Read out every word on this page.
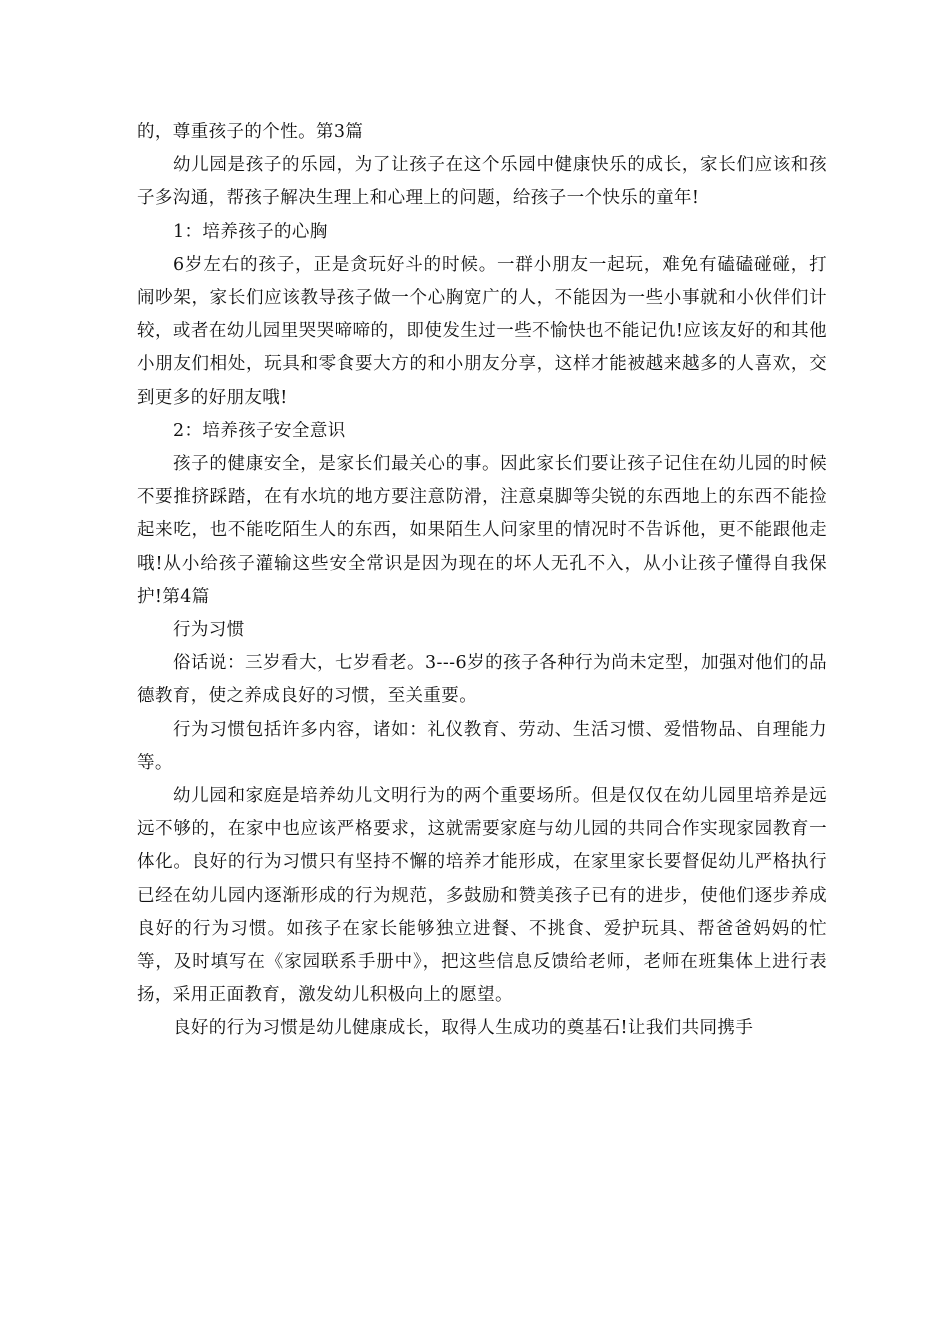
的，尊重孩子的个性。第3篇

幼儿园是孩子的乐园，为了让孩子在这个乐园中健康快乐的成长，家长们应该和孩子多沟通，帮孩子解决生理上和心理上的问题，给孩子一个快乐的童年!

1：培养孩子的心胸

6岁左右的孩子，正是贪玩好斗的时候。一群小朋友一起玩，难免有磕磕碰碰，打闹吵架，家长们应该教导孩子做一个心胸宽广的人，不能因为一些小事就和小伙伴们计较，或者在幼儿园里哭哭啼啼的，即使发生过一些不愉快也不能记仇!应该友好的和其他小朋友们相处，玩具和零食要大方的和小朋友分享，这样才能被越来越多的人喜欢，交到更多的好朋友哦!

2：培养孩子安全意识

孩子的健康安全，是家长们最关心的事。因此家长们要让孩子记住在幼儿园的时候不要推挤踩踏，在有水坑的地方要注意防滑，注意桌脚等尖锐的东西地上的东西不能捡起来吃，也不能吃陌生人的东西，如果陌生人问家里的情况时不告诉他，更不能跟他走哦!从小给孩子灌输这些安全常识是因为现在的坏人无孔不入，从小让孩子懂得自我保护!第4篇

行为习惯

俗话说：三岁看大，七岁看老。3---6岁的孩子各种行为尚未定型，加强对他们的品德教育，使之养成良好的习惯，至关重要。

行为习惯包括许多内容，诸如：礼仪教育、劳动、生活习惯、爱惜物品、自理能力等。

幼儿园和家庭是培养幼儿文明行为的两个重要场所。但是仅仅在幼儿园里培养是远远不够的，在家中也应该严格要求，这就需要家庭与幼儿园的共同合作实现家园教育一体化。良好的行为习惯只有坚持不懈的培养才能形成，在家里家长要督促幼儿严格执行已经在幼儿园内逐渐形成的行为规范，多鼓励和赞美孩子已有的进步，使他们逐步养成良好的行为习惯。如孩子在家长能够独立进餐、不挑食、爱护玩具、帮爸爸妈妈的忙等，及时填写在《家园联系手册中》，把这些信息反馈给老师，老师在班集体上进行表扬，采用正面教育，激发幼儿积极向上的愿望。

良好的行为习惯是幼儿健康成长，取得人生成功的奠基石!让我们共同携手
